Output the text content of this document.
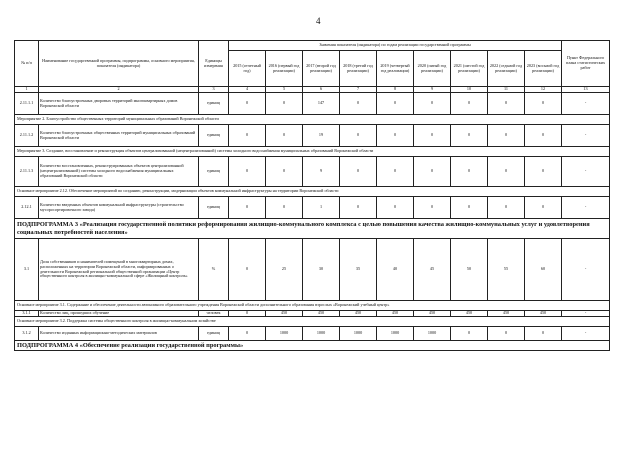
4
№ п/п	Наименование государственной программы, подпрограммы, основного мероприятия, показателя (индикатора)	Единицы измерения	Значения показателя (индикатора) по годам реализации государственной программы									Пункт Федерального плана статистических работ
			2015 (отчетный год)	2016 (первый год реализации)	2017 (второй год реализации)	2018 (третий год реализации)	2019 (четвертый год реализации)	2020 (пятый год реализации)	2021 (шестой год реализации)	2022 (седьмой год реализации)	2023 (восьмой год реализации)	
1	2	3	4	5	6	7	8	9	10	11	12	13
2.11.1.1	Количество благоустроенных дворовых территорий многоквартирных домов Воронежской области	единиц	0	0	147	0	0	0	0	0	0	-
Мероприятие 2. Благоустройство общественных территорий муниципальных образований Воронежской области												
2.11.1.2	Количество благоустроенных общественных территорий муниципальных образований Воронежской области	единиц	0	0	19	0	0	0	0	0	0	-
Мероприятие 3. Создание, восстановление и реконструкция объектов централизованной (нецентрализованной) системы холодного водоснабжения муниципальных образований Воронежской области												
2.11.1.3	Количество восстановленных, реконструированных объектов централизованной (нецентрализованной) системы холодного водоснабжения муниципальных образований Воронежской области	единиц	0	0	9	0	0	0	0	0	0	-
Основное мероприятие 2.12. Обеспечение мероприятий по созданию, реконструкции, модернизации объектов коммунальной инфраструктуры на территории Воронежской области												
2.12.1	Количество введенных объектов коммунальной инфраструктуры (строительство мусоросортировочного завода)	единиц	0	0	1	0	0	0	0	0	0	-
ПОДПРОГРАММА 3 «Реализация государственной политики реформирования жилищно-коммунального комплекса с целью повышения качества жилищно-коммунальных услуг и удовлетворения социальных потребностей населения»												
3.1	Доля собственников и нанимателей помещений в многоквартирных домах, расположенных на территории Воронежской области, информированных о деятельности Воронежской региональной общественной организации «Центр общественного контроля в жилищно-коммунальной сфере «Жилищный контроль»	%	0	25	30	35	40	45	50	55	60	-
Основное мероприятие 3.1. Содержание и обеспечение деятельности автономного образовательного учреждения Воронежской области дополнительного образования взрослых «Воронежский учебный центр»												
3.1.1	Количество лиц, прошедших обучение	человек	0	450	450	450	450	450	450	450	450	-
Основное мероприятие 3.2. Поддержка системы общественного контроля в жилищно-коммунальном хозяйстве												
3.1.2	Количество изданных информационно-методических материалов	единиц	0	1000	1000	1000	1000	1000	0	0	0	-
ПОДПРОГРАММА 4 «Обеспечение реализации государственной программы»												
